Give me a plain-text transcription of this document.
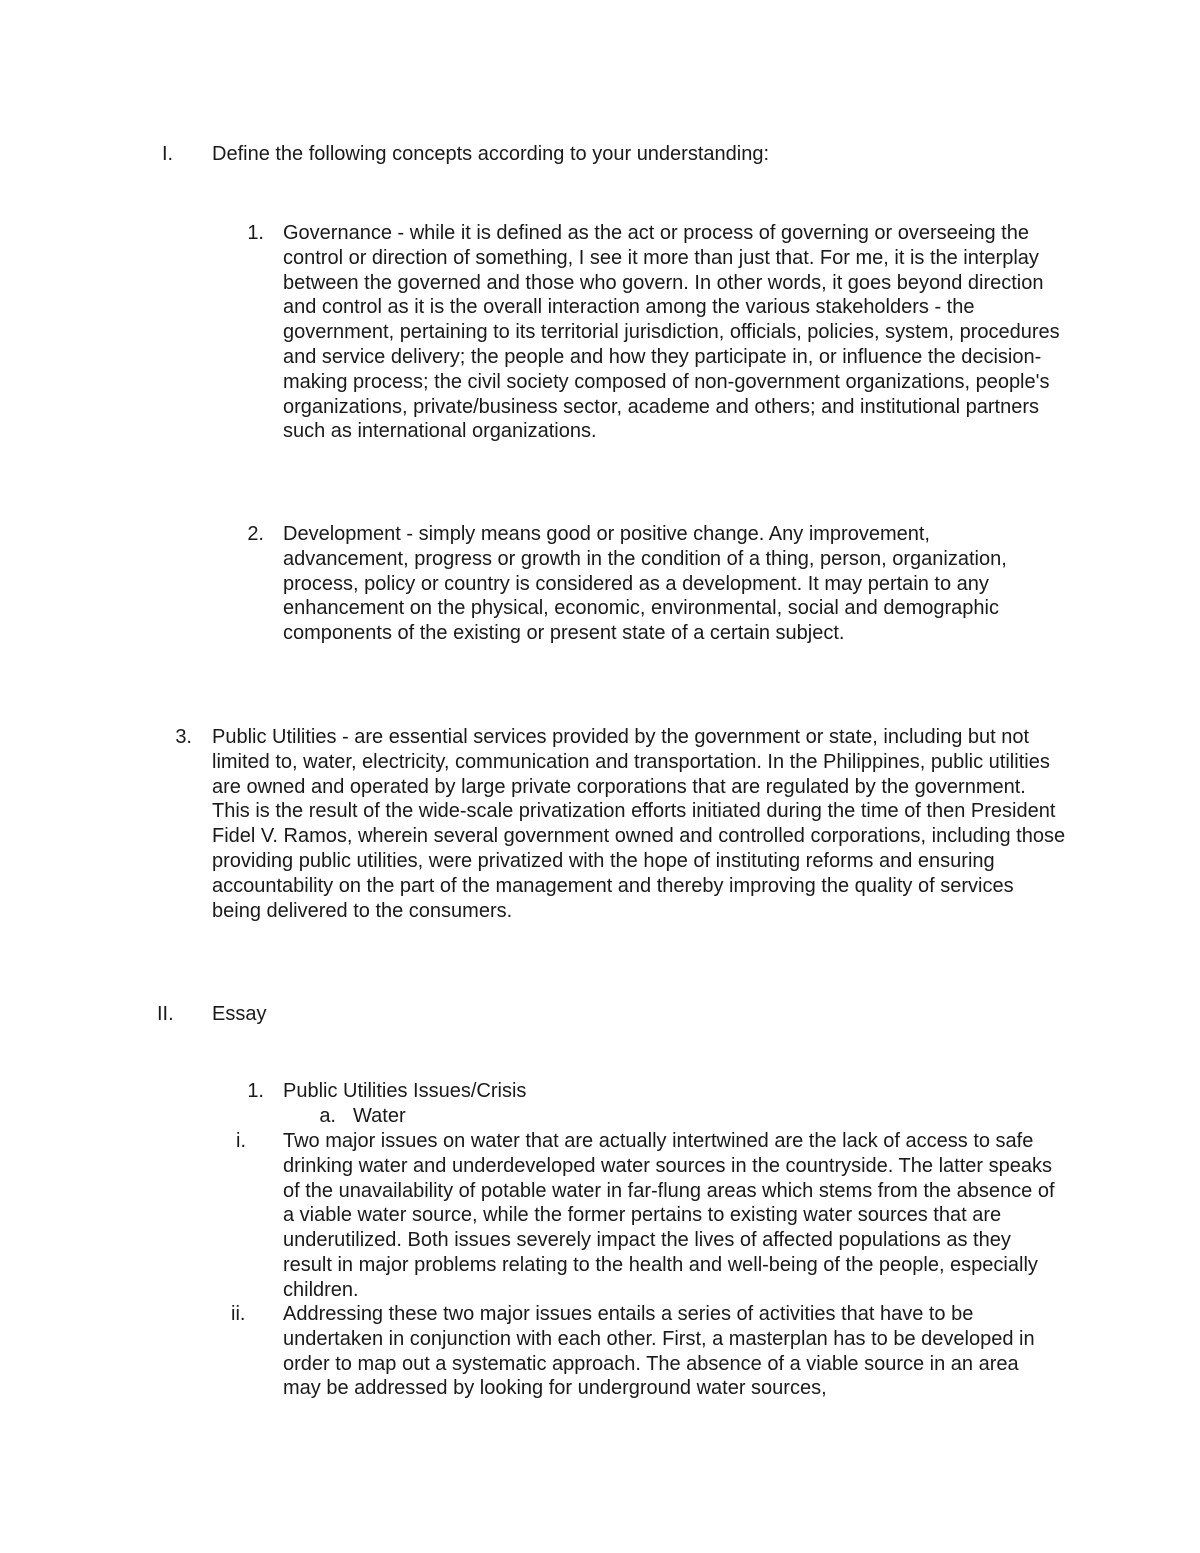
I. Define the following concepts according to your understanding:

1. Governance - while it is defined as the act or process of governing or overseeing the control or direction of something, I see it more than just that. For me, it is the interplay between the governed and those who govern. In other words, it goes beyond direction and control as it is the overall interaction among the various stakeholders - the government, pertaining to its territorial jurisdiction, officials, policies, system, procedures and service delivery; the people and how they participate in, or influence the decision-making process; the civil society composed of non-government organizations, people's organizations, private/business sector, academe and others; and institutional partners such as international organizations.

2. Development - simply means good or positive change. Any improvement, advancement, progress or growth in the condition of a thing, person, organization, process, policy or country is considered as a development. It may pertain to any enhancement on the physical, economic, environmental, social and demographic components of the existing or present state of a certain subject.

3. Public Utilities - are essential services provided by the government or state, including but not limited to, water, electricity, communication and transportation. In the Philippines, public utilities are owned and operated by large private corporations that are regulated by the government. This is the result of the wide-scale privatization efforts initiated during the time of then President Fidel V. Ramos, wherein several government owned and controlled corporations, including those providing public utilities, were privatized with the hope of instituting reforms and ensuring accountability on the part of the management and thereby improving the quality of services being delivered to the consumers.

II. Essay

1. Public Utilities Issues/Crisis

a. Water

i. Two major issues on water that are actually intertwined are the lack of access to safe drinking water and underdeveloped water sources in the countryside. The latter speaks of the unavailability of potable water in far-flung areas which stems from the absence of a viable water source, while the former pertains to existing water sources that are underutilized. Both issues severely impact the lives of affected populations as they result in major problems relating to the health and well-being of the people, especially children.

ii. Addressing these two major issues entails a series of activities that have to be undertaken in conjunction with each other. First, a masterplan has to be developed in order to map out a systematic approach. The absence of a viable source in an area may be addressed by looking for underground water sources,
